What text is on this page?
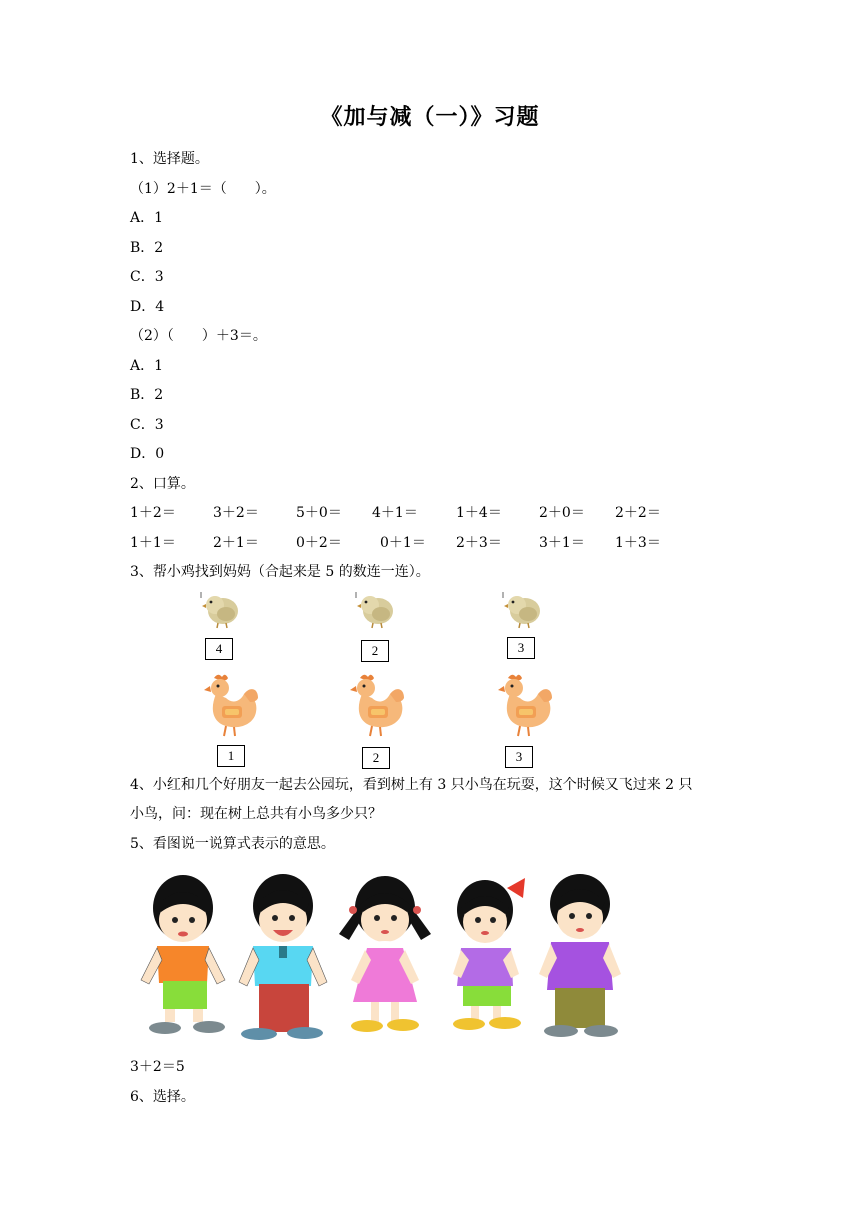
《加与减（一）》习题
1、选择题。
（1）2＋1＝（　　）。
A．1
B．2
C．3
D．4
（2）（　　）＋3＝。
A．1
B．2
C．3
D．0
2、口算。
1＋2＝	3＋2＝	5＋0＝ 4＋1＝	1＋4＝	2＋0＝ 2＋2＝
1＋1＝	2＋1＝	0＋2＝	0＋1＝ 2＋3＝	3＋1＝ 1＋3＝
3、帮小鸡找到妈妈（合起来是 5 的数连一连）。
4	2	3
1	2	3
4、小红和几个好朋友一起去公园玩，看到树上有 3 只小鸟在玩耍，这个时候又飞过来 2 只
小鸟，问：现在树上总共有小鸟多少只？
5、看图说一说算式表示的意思。
3＋2＝5
6、选择。
